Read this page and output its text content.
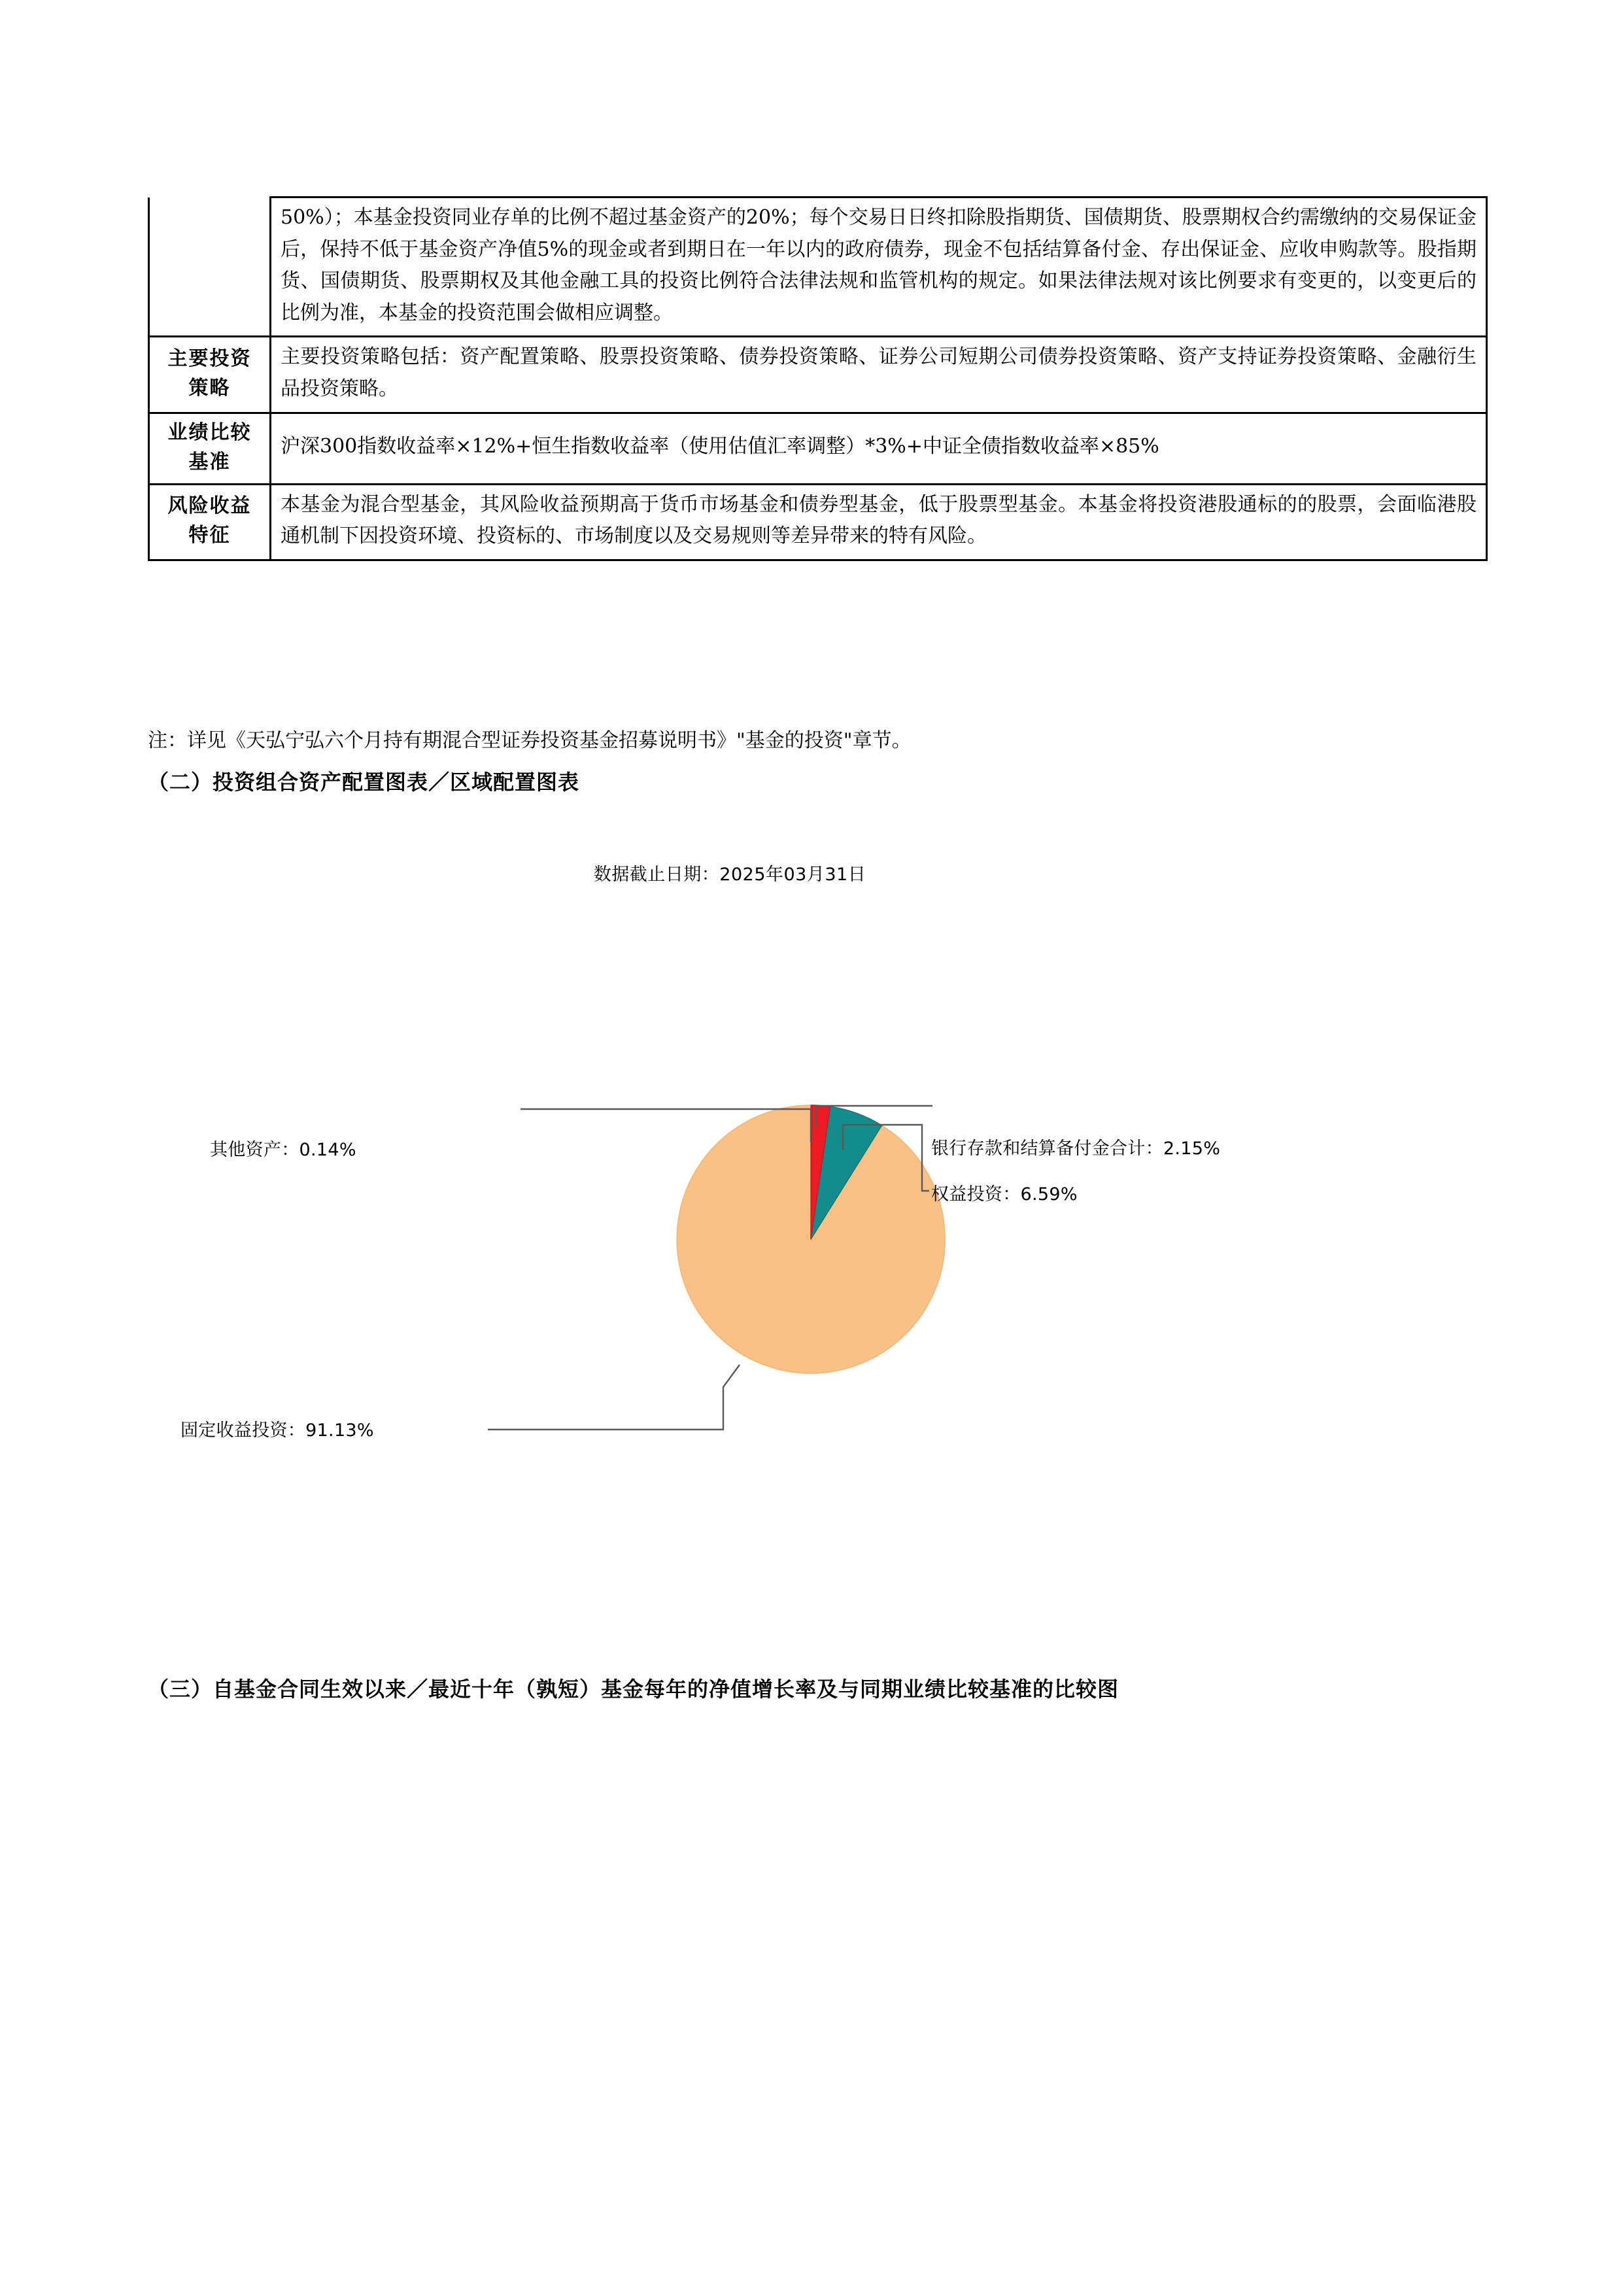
	50%）；本基金投资同业存单的比例不超过基金资产的20%；每个交易日日终扣除股指期货、国债期货、股票期权合约需缴纳的交易保证金后，保持不低于基金资产净值5%的现金或者到期日在一年以内的政府债券，现金不包括结算备付金、存出保证金、应收申购款等。股指期货、国债期货、股票期权及其他金融工具的投资比例符合法律法规和监管机构的规定。如果法律法规对该比例要求有变更的，以变更后的比例为准，本基金的投资范围会做相应调整。
主要投资策略	主要投资策略包括：资产配置策略、股票投资策略、债券投资策略、证券公司短期公司债券投资策略、资产支持证券投资策略、金融衍生品投资策略。
业绩比较基准	沪深300指数收益率×12%+恒生指数收益率（使用估值汇率调整）*3%+中证全债指数收益率×85%
风险收益特征	本基金为混合型基金，其风险收益预期高于货币市场基金和债券型基金，低于股票型基金。本基金将投资港股通标的的股票，会面临港股通机制下因投资环境、投资标的、市场制度以及交易规则等差异带来的特有风险。
注：详见《天弘宁弘六个月持有期混合型证券投资基金招募说明书》"基金的投资"章节。
（二）投资组合资产配置图表／区域配置图表
数据截止日期：2025年03月31日
其他资产：0.14%	银行存款和结算备付金合计：2.15%
权益投资：6.59%
固定收益投资：91.13%
（三）自基金合同生效以来／最近十年（孰短）基金每年的净值增长率及与同期业绩比较基准的比较图
